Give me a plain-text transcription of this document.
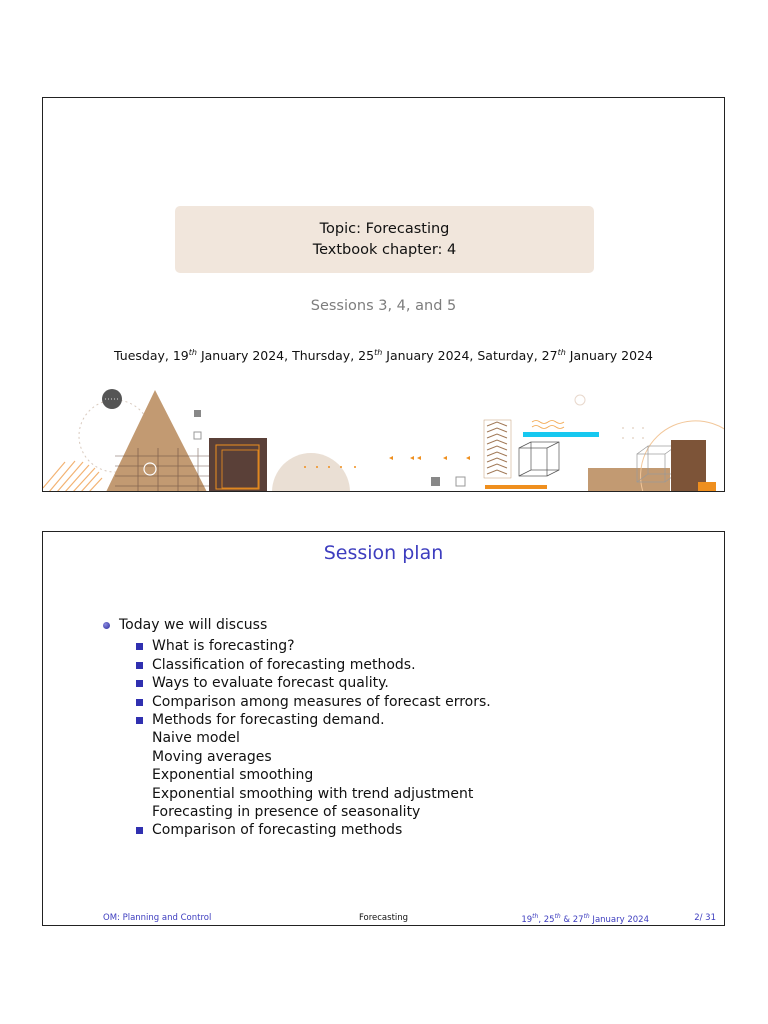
Topic: Forecasting
Textbook chapter: 4
Sessions 3, 4, and 5
Tuesday, 19th January 2024, Thursday, 25th January 2024, Saturday, 27th January 2024
Session plan
Today we will discuss
What is forecasting?
Classification of forecasting methods.
Ways to evaluate forecast quality.
Comparison among measures of forecast errors.
Methods for forecasting demand.
Naive model
Moving averages
Exponential smoothing
Exponential smoothing with trend adjustment
Forecasting in presence of seasonality
Comparison of forecasting methods
OM: Planning and Control	Forecasting	19th, 25th & 27th January 2024	2/ 31
